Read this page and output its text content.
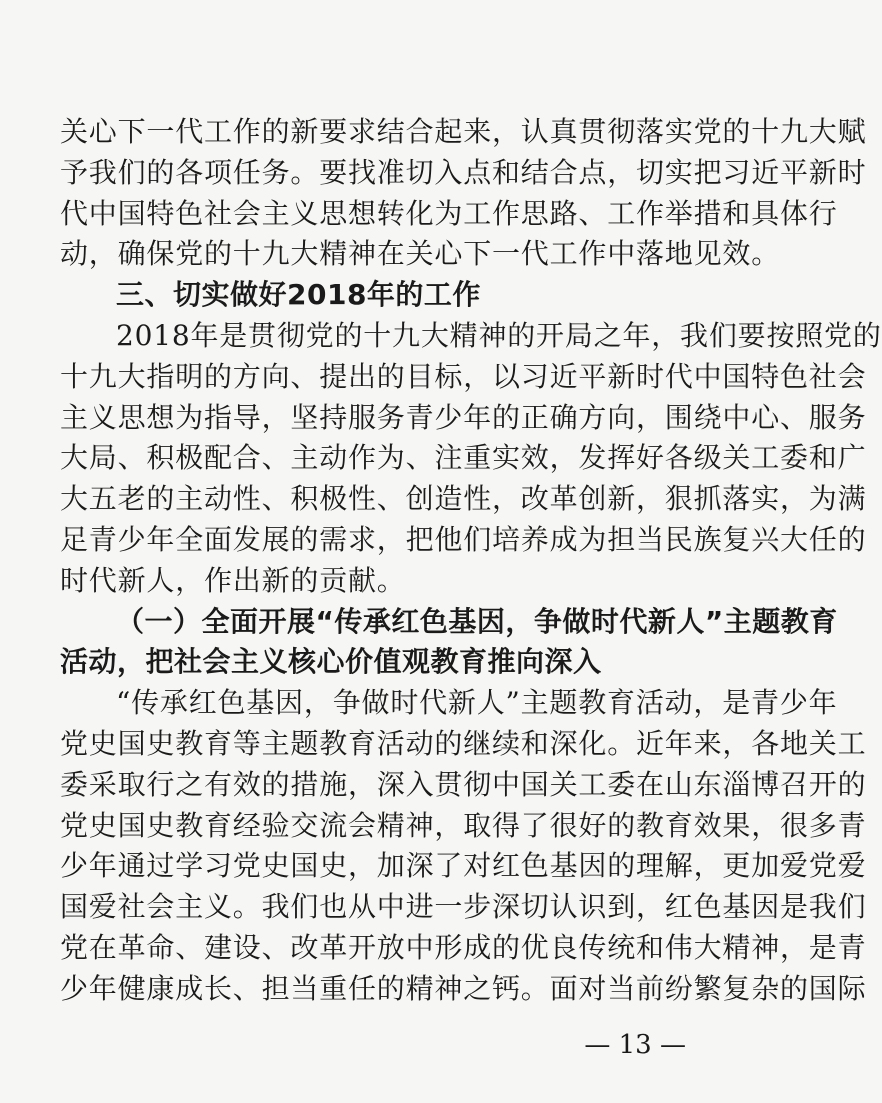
关心下一代工作的新要求结合起来，认真贯彻落实党的十九大赋
予我们的各项任务。要找准切入点和结合点，切实把习近平新时
代中国特色社会主义思想转化为工作思路、工作举措和具体行
动，确保党的十九大精神在关心下一代工作中落地见效。
三、切实做好2018年的工作
2018年是贯彻党的十九大精神的开局之年，我们要按照党的
十九大指明的方向、提出的目标，以习近平新时代中国特色社会
主义思想为指导，坚持服务青少年的正确方向，围绕中心、服务
大局、积极配合、主动作为、注重实效，发挥好各级关工委和广
大五老的主动性、积极性、创造性，改革创新，狠抓落实，为满
足青少年全面发展的需求，把他们培养成为担当民族复兴大任的
时代新人，作出新的贡献。
（一）全面开展“传承红色基因，争做时代新人”主题教育
活动，把社会主义核心价值观教育推向深入
“传承红色基因，争做时代新人”主题教育活动，是青少年
党史国史教育等主题教育活动的继续和深化。近年来，各地关工
委采取行之有效的措施，深入贯彻中国关工委在山东淄博召开的
党史国史教育经验交流会精神，取得了很好的教育效果，很多青
少年通过学习党史国史，加深了对红色基因的理解，更加爱党爱
国爱社会主义。我们也从中进一步深切认识到，红色基因是我们
党在革命、建设、改革开放中形成的优良传统和伟大精神，是青
少年健康成长、担当重任的精神之钙。面对当前纷繁复杂的国际
— 13 —
